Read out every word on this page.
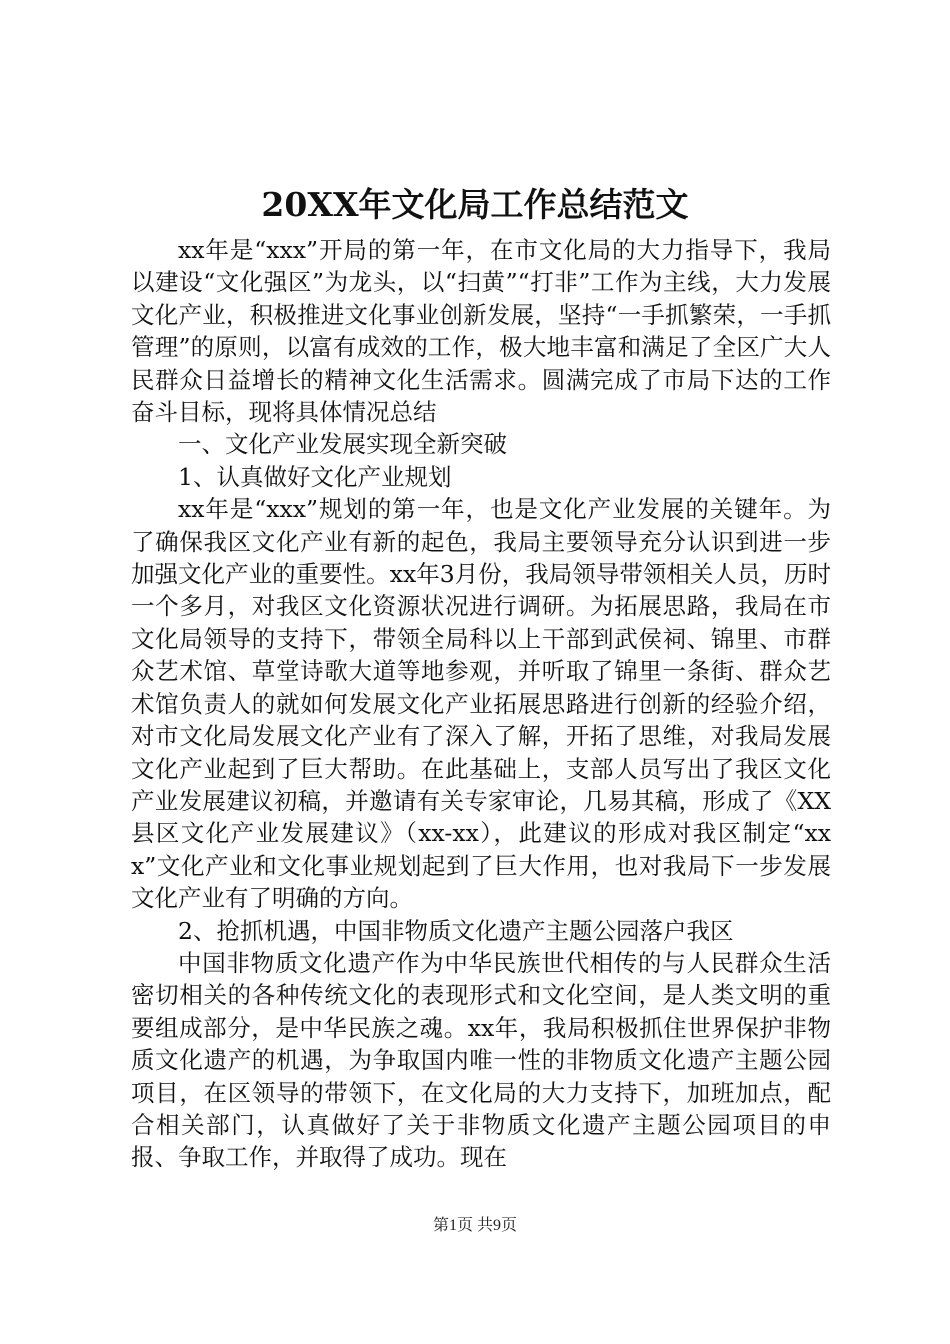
20XX年文化局工作总结范文

xx年是“xxx”开局的第一年，在市文化局的大力指导下，我局以建设“文化强区”为龙头，以“扫黄”“打非”工作为主线，大力发展文化产业，积极推进文化事业创新发展，坚持“一手抓繁荣，一手抓管理”的原则，以富有成效的工作，极大地丰富和满足了全区广大人民群众日益增长的精神文化生活需求。圆满完成了市局下达的工作奋斗目标，现将具体情况总结

一、文化产业发展实现全新突破

1、认真做好文化产业规划

xx年是“xxx”规划的第一年，也是文化产业发展的关键年。为了确保我区文化产业有新的起色，我局主要领导充分认识到进一步加强文化产业的重要性。xx年3月份，我局领导带领相关人员，历时一个多月，对我区文化资源状况进行调研。为拓展思路，我局在市文化局领导的支持下，带领全局科以上干部到武侯祠、锦里、市群众艺术馆、草堂诗歌大道等地参观，并听取了锦里一条街、群众艺术馆负责人的就如何发展文化产业拓展思路进行创新的经验介绍，对市文化局发展文化产业有了深入了解，开拓了思维，对我局发展文化产业起到了巨大帮助。在此基础上，支部人员写出了我区文化产业发展建议初稿，并邀请有关专家审论，几易其稿，形成了《XX县区文化产业发展建议》（xx-xx），此建议的形成对我区制定“xxx”文化产业和文化事业规划起到了巨大作用，也对我局下一步发展文化产业有了明确的方向。

2、抢抓机遇，中国非物质文化遗产主题公园落户我区

中国非物质文化遗产作为中华民族世代相传的与人民群众生活密切相关的各种传统文化的表现形式和文化空间，是人类文明的重要组成部分，是中华民族之魂。xx年，我局积极抓住世界保护非物质文化遗产的机遇，为争取国内唯一性的非物质文化遗产主题公园项目，在区领导的带领下，在文化局的大力支持下，加班加点，配合相关部门，认真做好了关于非物质文化遗产主题公园项目的申报、争取工作，并取得了成功。现在

第1页 共9页
